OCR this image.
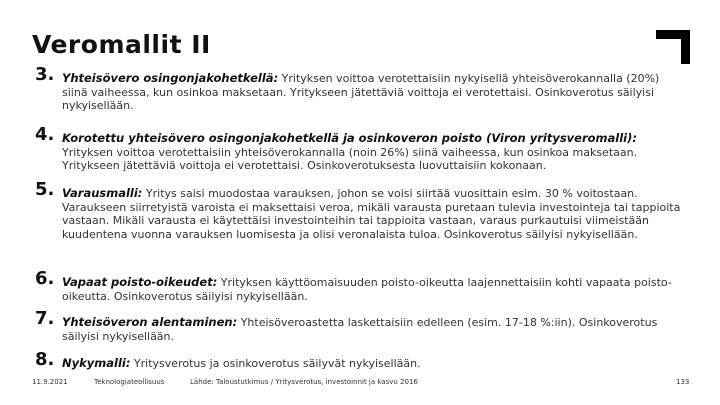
Veromallit II
3. Yhteisövero osingonjakohetkellä: Yrityksen voittoa verotettaisiin nykyisellä yhteisöverokannalla (20%)
siinä vaiheessa, kun osinkoa maksetaan. Yritykseen jätettäviä voittoja ei verotettaisi. Osinkoverotus säilyisi nykyisellään.
4. Korotettu yhteisövero osingonjakohetkellä ja osinkoveron poisto (Viron yritysveromalli):
Yrityksen voittoa verotettaisiin yhteisöverokannalla (noin 26%) siinä vaiheessa, kun osinkoa maksetaan. Yritykseen jätettäviä voittoja ei verotettaisi. Osinkoverotuksesta luovuttaisiin kokonaan.
5. Varausmalli: Yritys saisi muodostaa varauksen, johon se voisi siirtää vuosittain esim. 30 % voitostaan.
Varaukseen siirretyistä varoista ei maksettaisi veroa, mikäli varausta puretaan tulevia investointeja tai tappioita vastaan. Mikäli varausta ei käytettäisi investointeihin tai tappioita vastaan, varaus purkautuisi viimeistään kuudentena vuonna varauksen luomisesta ja olisi veronalaista tuloa. Osinkoverotus säilyisi nykyisellään.
6. Vapaat poisto-oikeudet: Yrityksen käyttöomaisuuden poisto-oikeutta laajennettaisiin kohti vapaata poisto-
oikeutta. Osinkoverotus säilyisi nykyisellään.
7. Yhteisöveron alentaminen: Yhteisöveroastetta laskettaisiin edelleen (esim. 17-18 %:iin). Osinkoverotus
säilyisi nykyisellään.
8. Nykymalli: Yritysverotus ja osinkoverotus säilyvät nykyisellään.
11.9.2021	Teknologiateollisuus	Lähde: Taloustutkimus / Yritysverotus, investoinnit ja kasvu 2016	133
